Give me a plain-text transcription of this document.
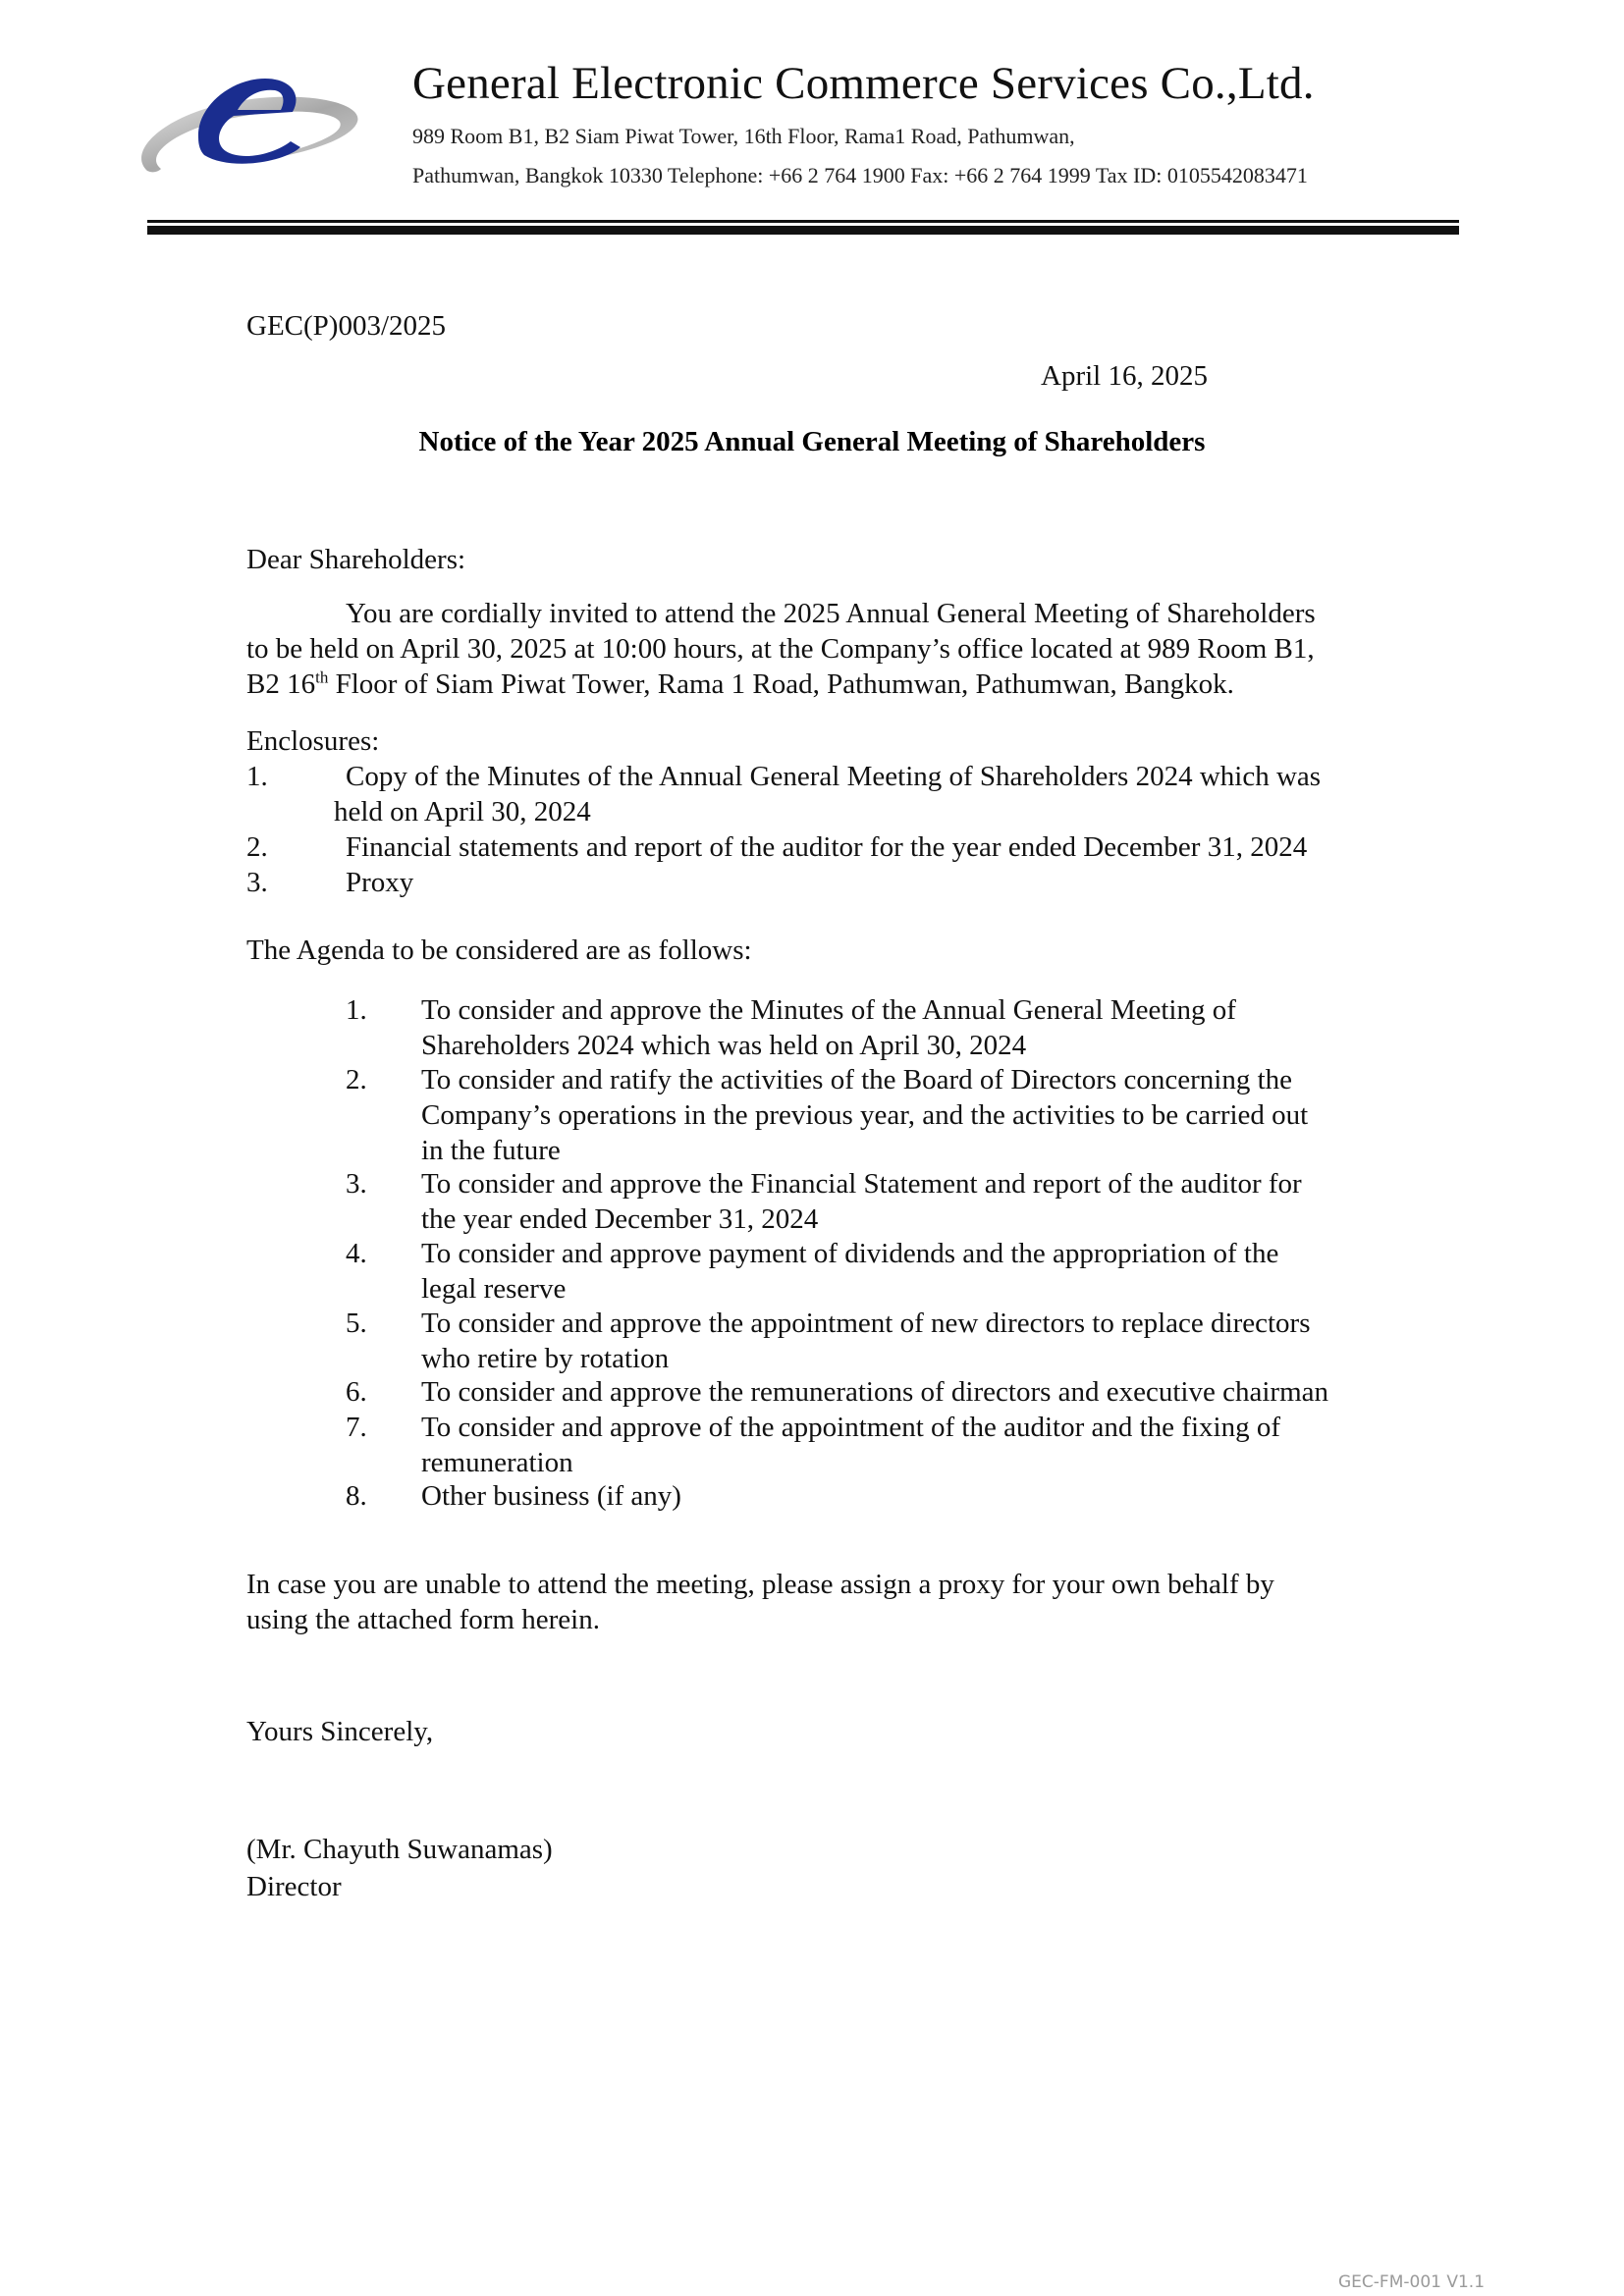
General Electronic Commerce Services Co.,Ltd.
989 Room B1, B2 Siam Piwat Tower, 16th Floor, Rama1 Road, Pathumwan,
Pathumwan, Bangkok 10330 Telephone: +66 2 764 1900 Fax: +66 2 764 1999 Tax ID: 0105542083471
GEC(P)003/2025
April 16, 2025
Notice of the Year 2025 Annual General Meeting of Shareholders
Dear Shareholders:
You are cordially invited to attend the 2025 Annual General Meeting of Shareholders
to be held on April 30, 2025 at 10:00 hours, at the Company’s office located at 989 Room B1,
B2 16th Floor of Siam Piwat Tower, Rama 1 Road, Pathumwan, Pathumwan, Bangkok.
Enclosures:
1.	Copy of the Minutes of the Annual General Meeting of Shareholders 2024 which was
held on April 30, 2024
2.	Financial statements and report of the auditor for the year ended December 31, 2024
3.	Proxy
The Agenda to be considered are as follows:
1. To consider and approve the Minutes of the Annual General Meeting of
Shareholders 2024 which was held on April 30, 2024
2. To consider and ratify the activities of the Board of Directors concerning the
Company’s operations in the previous year, and the activities to be carried out
in the future
3. To consider and approve the Financial Statement and report of the auditor for
the year ended December 31, 2024
4. To consider and approve payment of dividends and the appropriation of the
legal reserve
5. To consider and approve the appointment of new directors to replace directors
who retire by rotation
6. To consider and approve the remunerations of directors and executive chairman
7. To consider and approve of the appointment of the auditor and the fixing of
remuneration
8. Other business (if any)
In case you are unable to attend the meeting, please assign a proxy for your own behalf by
using the attached form herein.
Yours Sincerely,
(Mr. Chayuth Suwanamas)
Director
GEC-FM-001 V1.1
